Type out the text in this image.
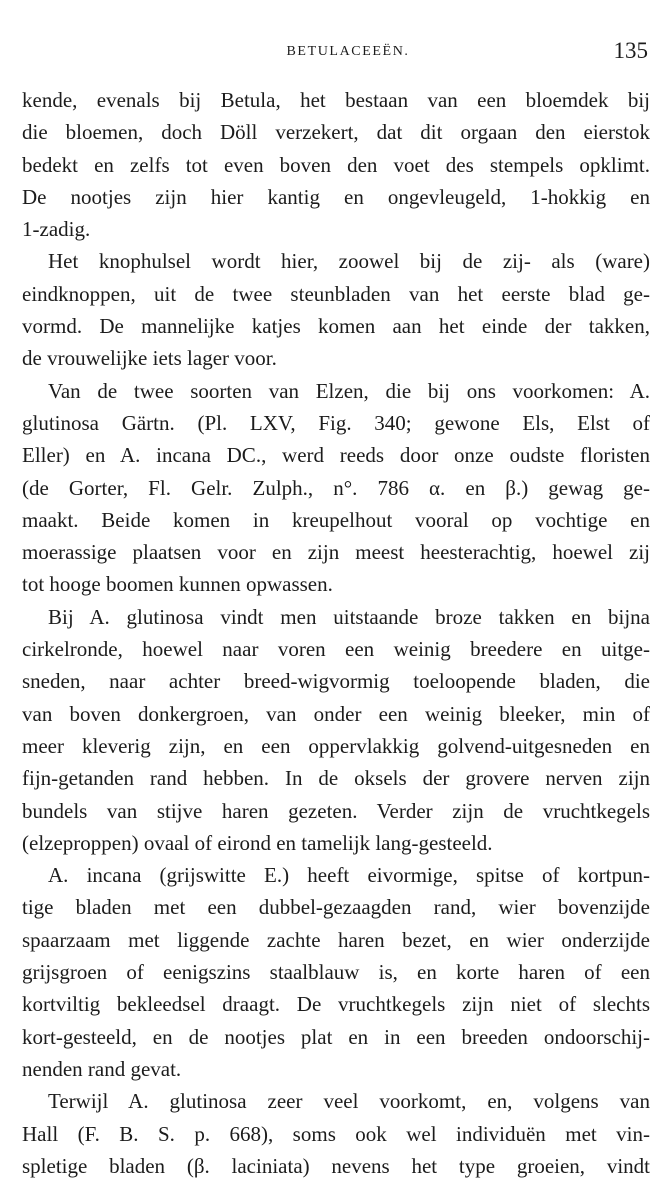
BETULACEEËN.	135
kende, evenals bij Betula, het bestaan van een bloemdek bij
die bloemen, doch Döll verzekert, dat dit orgaan den eierstok
bedekt en zelfs tot even boven den voet des stempels opklimt.
De nootjes zijn hier kantig en ongevleugeld, 1-hokkig en
1-zadig.
Het knophulsel wordt hier, zoowel bij de zij- als (ware)
eindknoppen, uit de twee steunbladen van het eerste blad ge-
vormd. De mannelijke katjes komen aan het einde der takken,
de vrouwelijke iets lager voor.
Van de twee soorten van Elzen, die bij ons voorkomen: A.
glutinosa Gärtn. (Pl. LXV, Fig. 340; gewone Els, Elst of
Eller) en A. incana DC., werd reeds door onze oudste floristen
(de Gorter, Fl. Gelr. Zulph., n°. 786 α. en β.) gewag ge-
maakt. Beide komen in kreupelhout vooral op vochtige en
moerassige plaatsen voor en zijn meest heesterachtig, hoewel zij
tot hooge boomen kunnen opwassen.
Bij A. glutinosa vindt men uitstaande broze takken en bijna
cirkelronde, hoewel naar voren een weinig breedere en uitge-
sneden, naar achter breed-wigvormig toeloopende bladen, die
van boven donkergroen, van onder een weinig bleeker, min of
meer kleverig zijn, en een oppervlakkig golvend-uitgesneden en
fijn-getanden rand hebben. In de oksels der grovere nerven zijn
bundels van stijve haren gezeten. Verder zijn de vruchtkegels
(elzeproppen) ovaal of eirond en tamelijk lang-gesteeld.
A. incana (grijswitte E.) heeft eivormige, spitse of kortpun-
tige bladen met een dubbel-gezaagden rand, wier bovenzijde
spaarzaam met liggende zachte haren bezet, en wier onderzijde
grijsgroen of eenigszins staalblauw is, en korte haren of een
kortviltig bekleedsel draagt. De vruchtkegels zijn niet of slechts
kort-gesteeld, en de nootjes plat en in een breeden ondoorschij-
nenden rand gevat.
Terwijl A. glutinosa zeer veel voorkomt, en, volgens van
Hall (F. B. S. p. 668), soms ook wel individuën met vin-
spletige bladen (β. laciniata) nevens het type groeien, vindt
